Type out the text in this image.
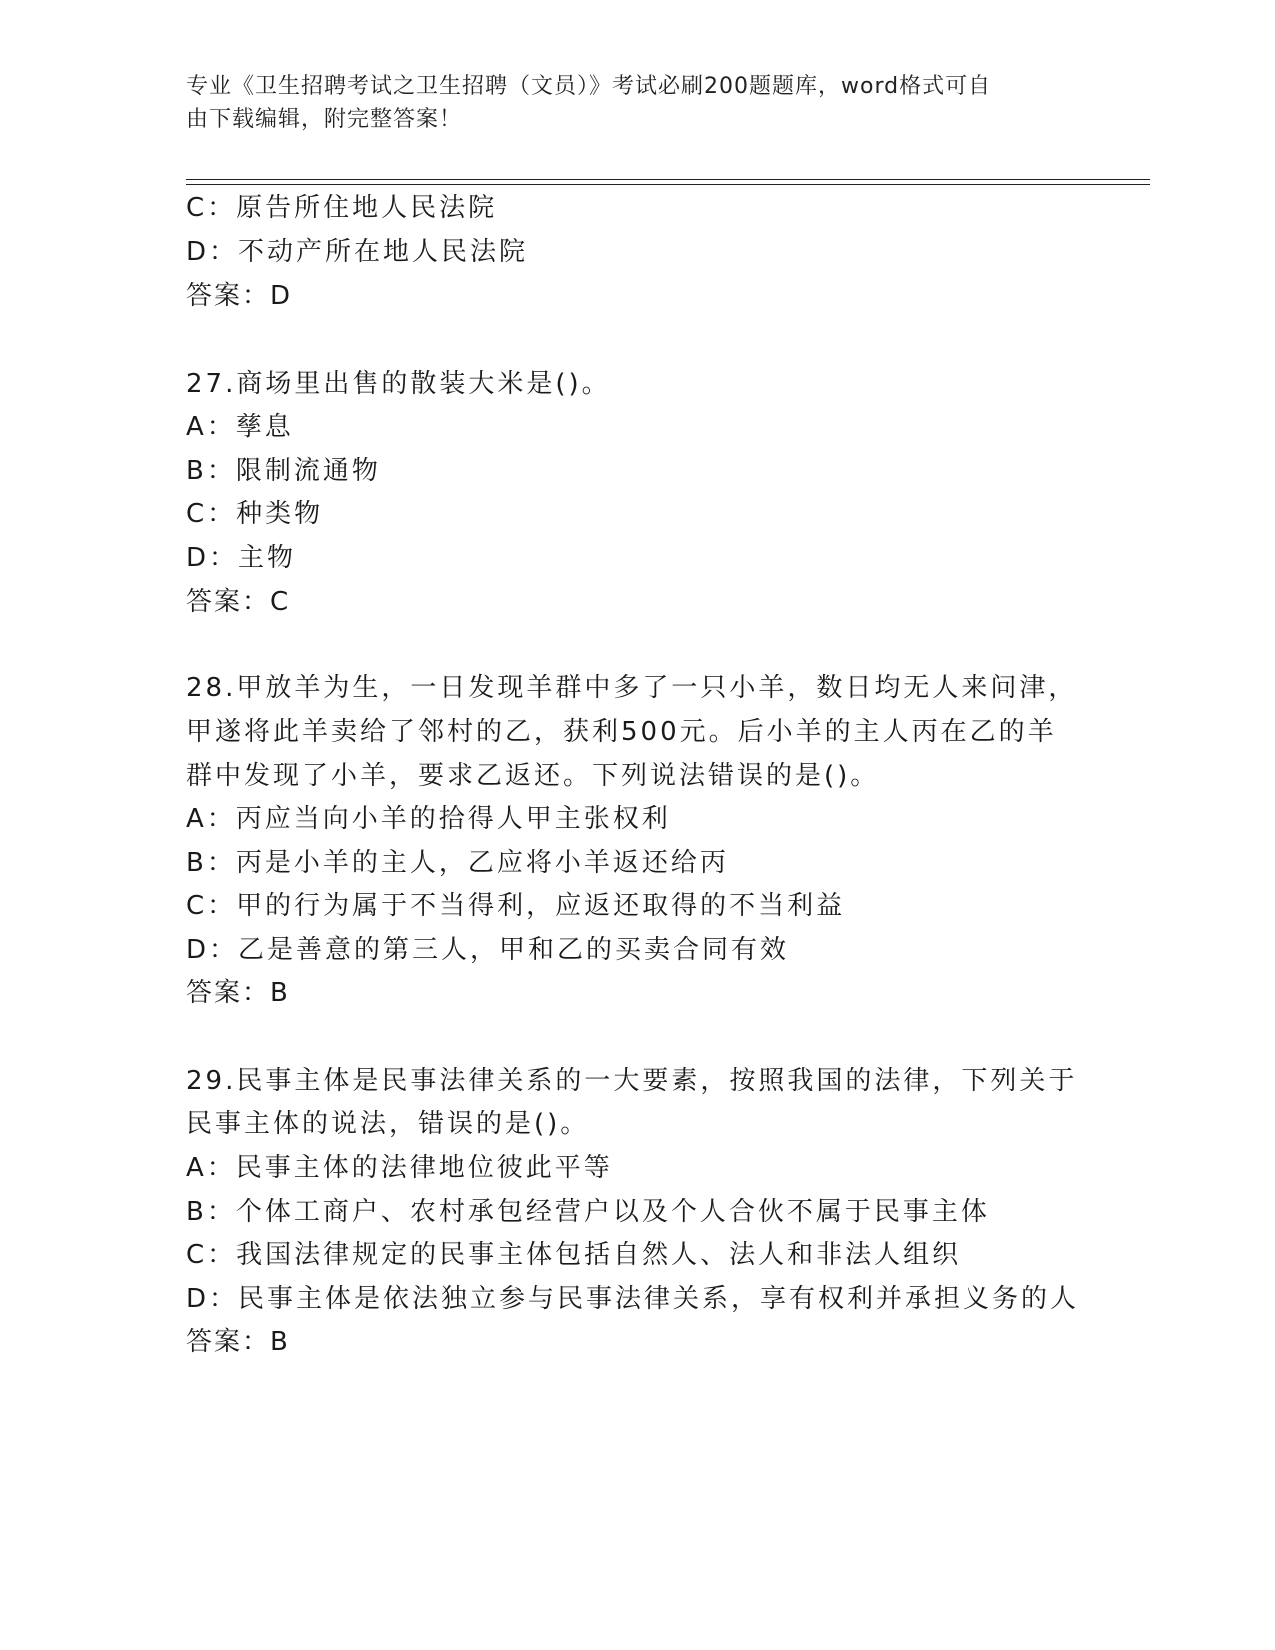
专业《卫生招聘考试之卫生招聘（文员）》考试必刷200题题库，word格式可自
由下载编辑，附完整答案！
C：原告所住地人民法院
D：不动产所在地人民法院
答案：D
27.商场里出售的散装大米是()。
A：孳息
B：限制流通物
C：种类物
D：主物
答案：C
28.甲放羊为生，一日发现羊群中多了一只小羊，数日均无人来问津，
甲遂将此羊卖给了邻村的乙，获利500元。后小羊的主人丙在乙的羊
群中发现了小羊，要求乙返还。下列说法错误的是()。
A：丙应当向小羊的拾得人甲主张权利
B：丙是小羊的主人，乙应将小羊返还给丙
C：甲的行为属于不当得利，应返还取得的不当利益
D：乙是善意的第三人，甲和乙的买卖合同有效
答案：B
29.民事主体是民事法律关系的一大要素，按照我国的法律，下列关于
民事主体的说法，错误的是()。
A：民事主体的法律地位彼此平等
B：个体工商户、农村承包经营户以及个人合伙不属于民事主体
C：我国法律规定的民事主体包括自然人、法人和非法人组织
D：民事主体是依法独立参与民事法律关系，享有权利并承担义务的人
答案：B
